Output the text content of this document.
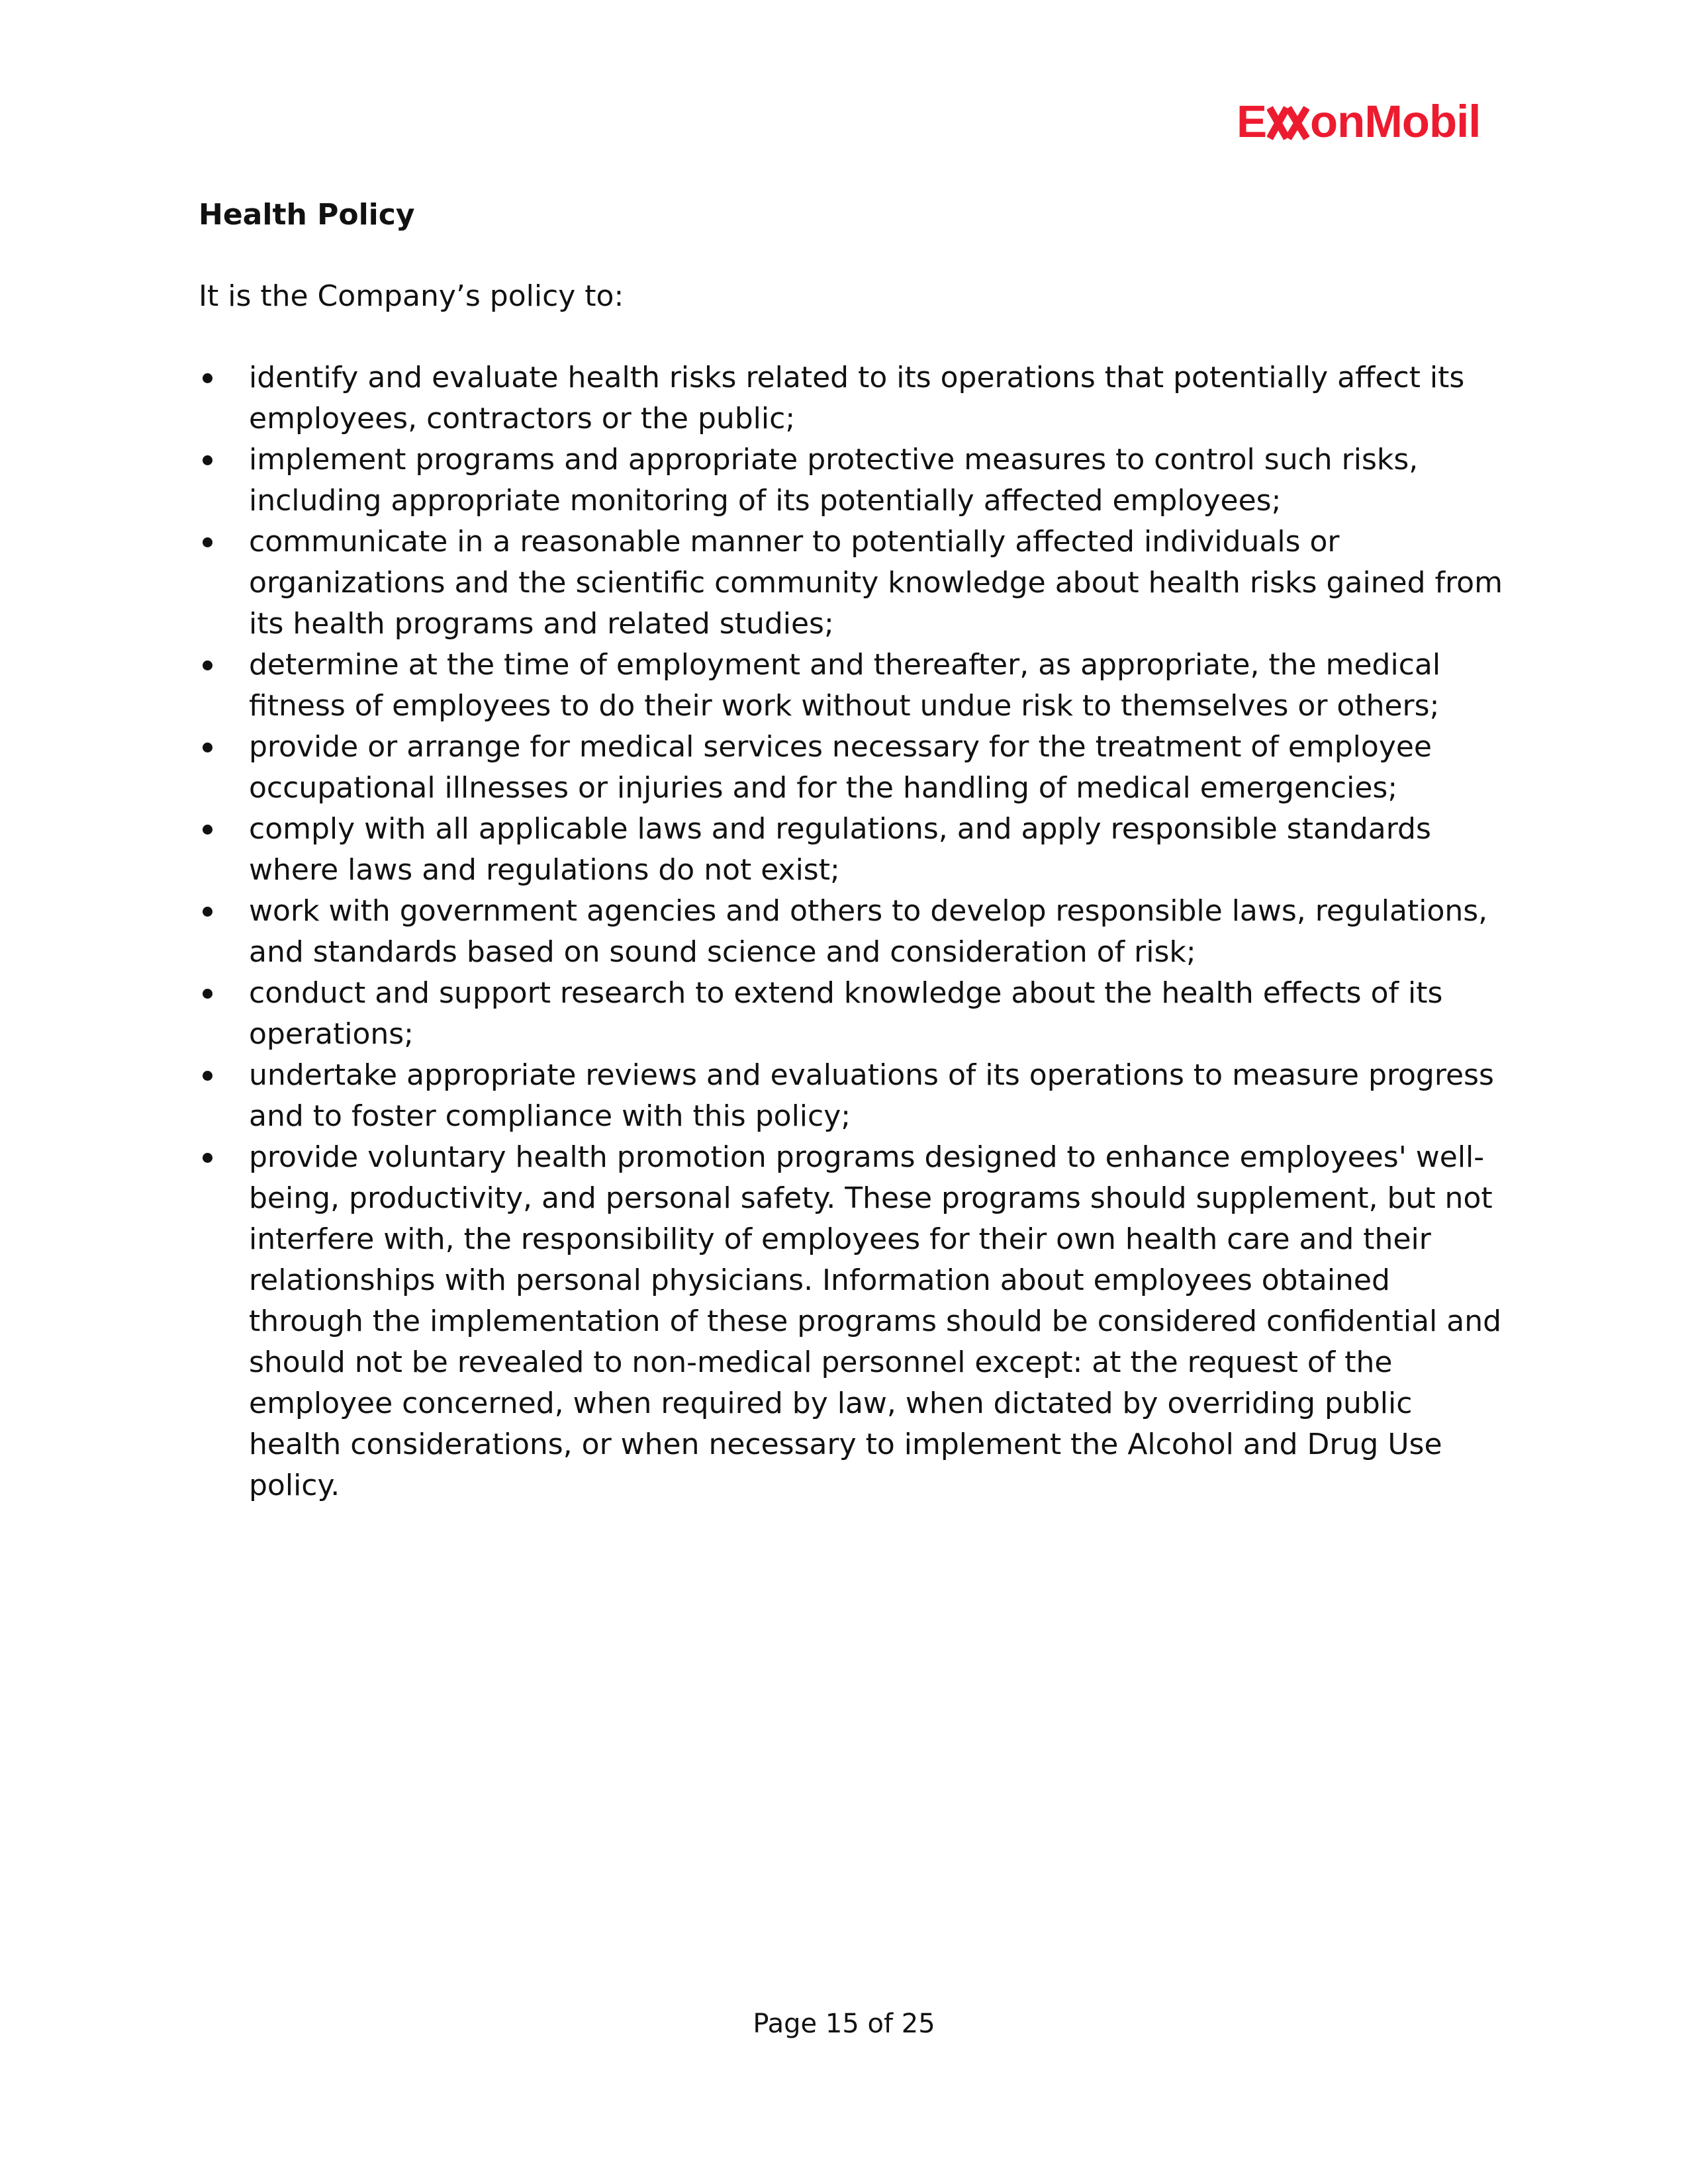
E onMobil

Health Policy

It is the Company’s policy to:

identify and evaluate health risks related to its operations that potentially affect its employees, contractors or the public;
implement programs and appropriate protective measures to control such risks, including appropriate monitoring of its potentially affected employees;
communicate in a reasonable manner to potentially affected individuals or organizations and the scientific community knowledge about health risks gained from its health programs and related studies;
determine at the time of employment and thereafter, as appropriate, the medical fitness of employees to do their work without undue risk to themselves or others;
provide or arrange for medical services necessary for the treatment of employee occupational illnesses or injuries and for the handling of medical emergencies;
comply with all applicable laws and regulations, and apply responsible standards where laws and regulations do not exist;
work with government agencies and others to develop responsible laws, regulations, and standards based on sound science and consideration of risk;
conduct and support research to extend knowledge about the health effects of its operations;
undertake appropriate reviews and evaluations of its operations to measure progress and to foster compliance with this policy;
provide voluntary health promotion programs designed to enhance employees' well-being, productivity, and personal safety. These programs should supplement, but not interfere with, the responsibility of employees for their own health care and their relationships with personal physicians. Information about employees obtained through the implementation of these programs should be considered confidential and should not be revealed to non-medical personnel except: at the request of the employee concerned, when required by law, when dictated by overriding public health considerations, or when necessary to implement the Alcohol and Drug Use policy.
Page 15 of 25
